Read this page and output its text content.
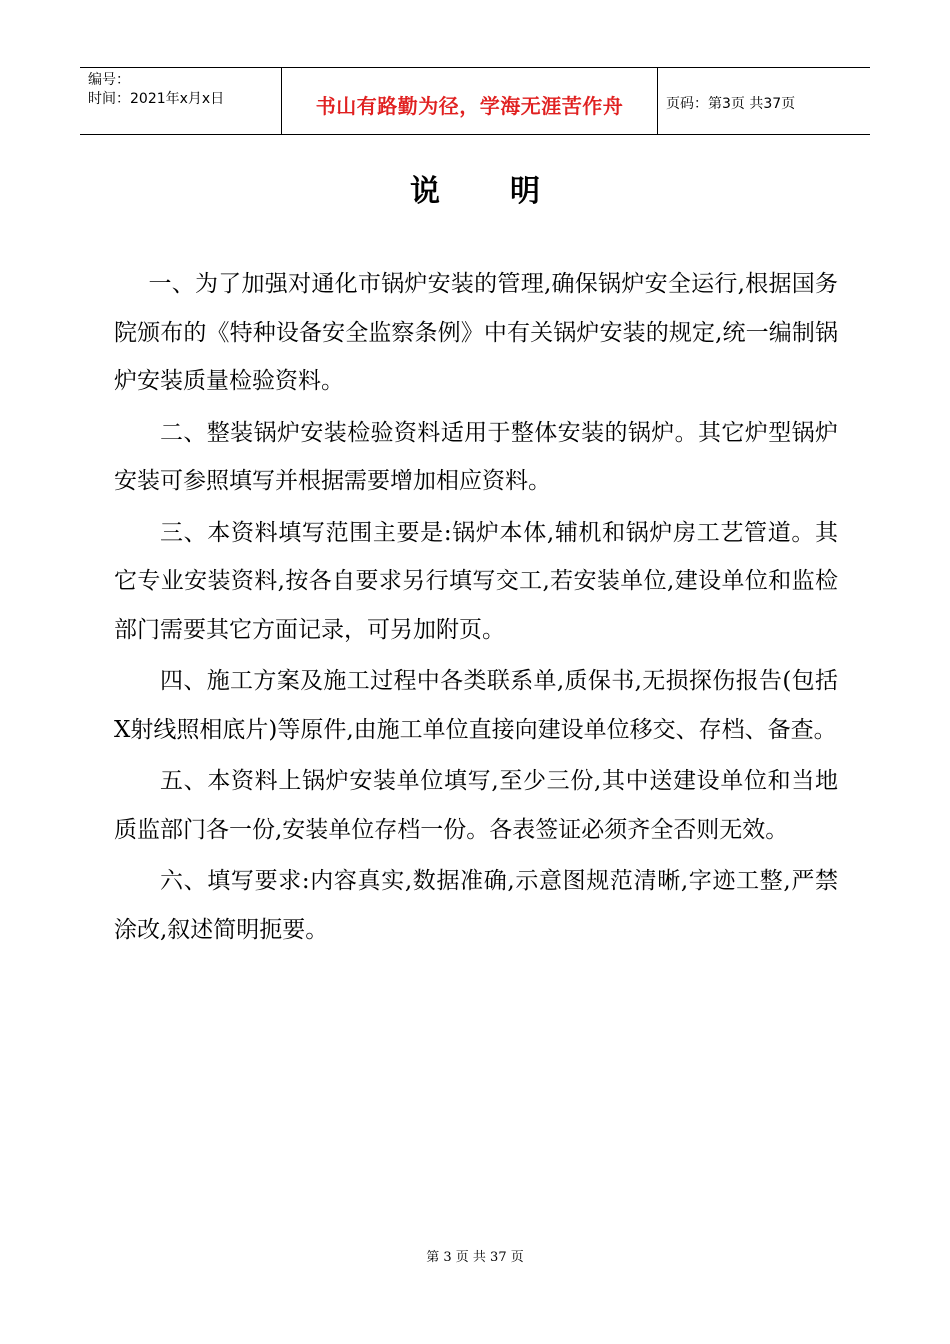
编号：
时间：2021年x月x日	书山有路勤为径，学海无涯苦作舟	页码：第3页 共37页
说 明

一、为了加强对通化市锅炉安装的管理,确保锅炉安全运行,根据国务院颁布的《特种设备安全监察条例》中有关锅炉安装的规定,统一编制锅炉安装质量检验资料。

二、整装锅炉安装检验资料适用于整体安装的锅炉。其它炉型锅炉安装可参照填写并根据需要增加相应资料。

三、本资料填写范围主要是:锅炉本体,辅机和锅炉房工艺管道。其它专业安装资料,按各自要求另行填写交工,若安装单位,建设单位和监检部门需要其它方面记录，可另加附页。

四、施工方案及施工过程中各类联系单,质保书,无损探伤报告(包括X射线照相底片)等原件,由施工单位直接向建设单位移交、存档、备查。

五、本资料上锅炉安装单位填写,至少三份,其中送建设单位和当地质监部门各一份,安装单位存档一份。各表签证必须齐全否则无效。

六、填写要求:内容真实,数据准确,示意图规范清晰,字迹工整,严禁涂改,叙述简明扼要。

第 3 页 共 37 页
